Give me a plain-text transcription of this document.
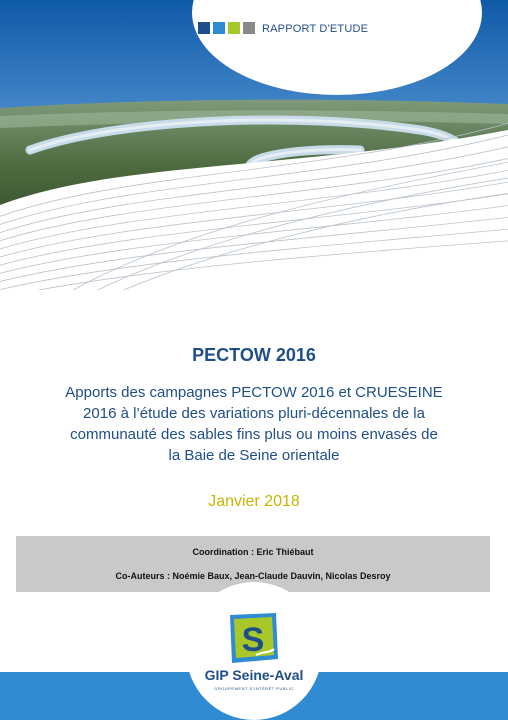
RAPPORT D'ETUDE
PECTOW 2016
Apports des campagnes PECTOW 2016 et CRUESEINE
2016 à l’étude des variations pluri-décennales de la
communauté des sables fins plus ou moins envasés de
la Baie de Seine orientale
Janvier 2018
Coordination : Eric Thiébaut
Co-Auteurs : Noémie Baux, Jean-Claude Dauvin, Nicolas Desroy
S
GIP Seine-Aval
GROUPEMENT D'INTÉRÊT PUBLIC
